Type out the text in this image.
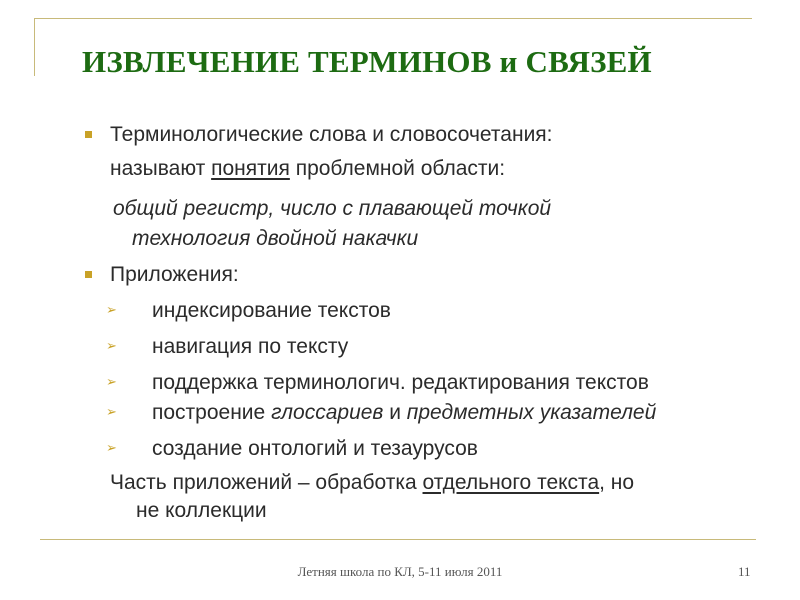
ИЗВЛЕЧЕНИЕ ТЕРМИНОВ и СВЯЗЕЙ
Терминологические слова и словосочетания:
называют понятия проблемной области:
общий регистр, число с плавающей точкой
технология двойной накачки
Приложения:
➢ индексирование текстов
➢ навигация по тексту
➢ поддержка терминологич. редактирования текстов
➢ построение глоссариев и предметных указателей
➢ создание онтологий и тезаурусов
Часть приложений – обработка отдельного текста, но
не коллекции
Летняя школа по КЛ, 5-11 июля 2011	11
